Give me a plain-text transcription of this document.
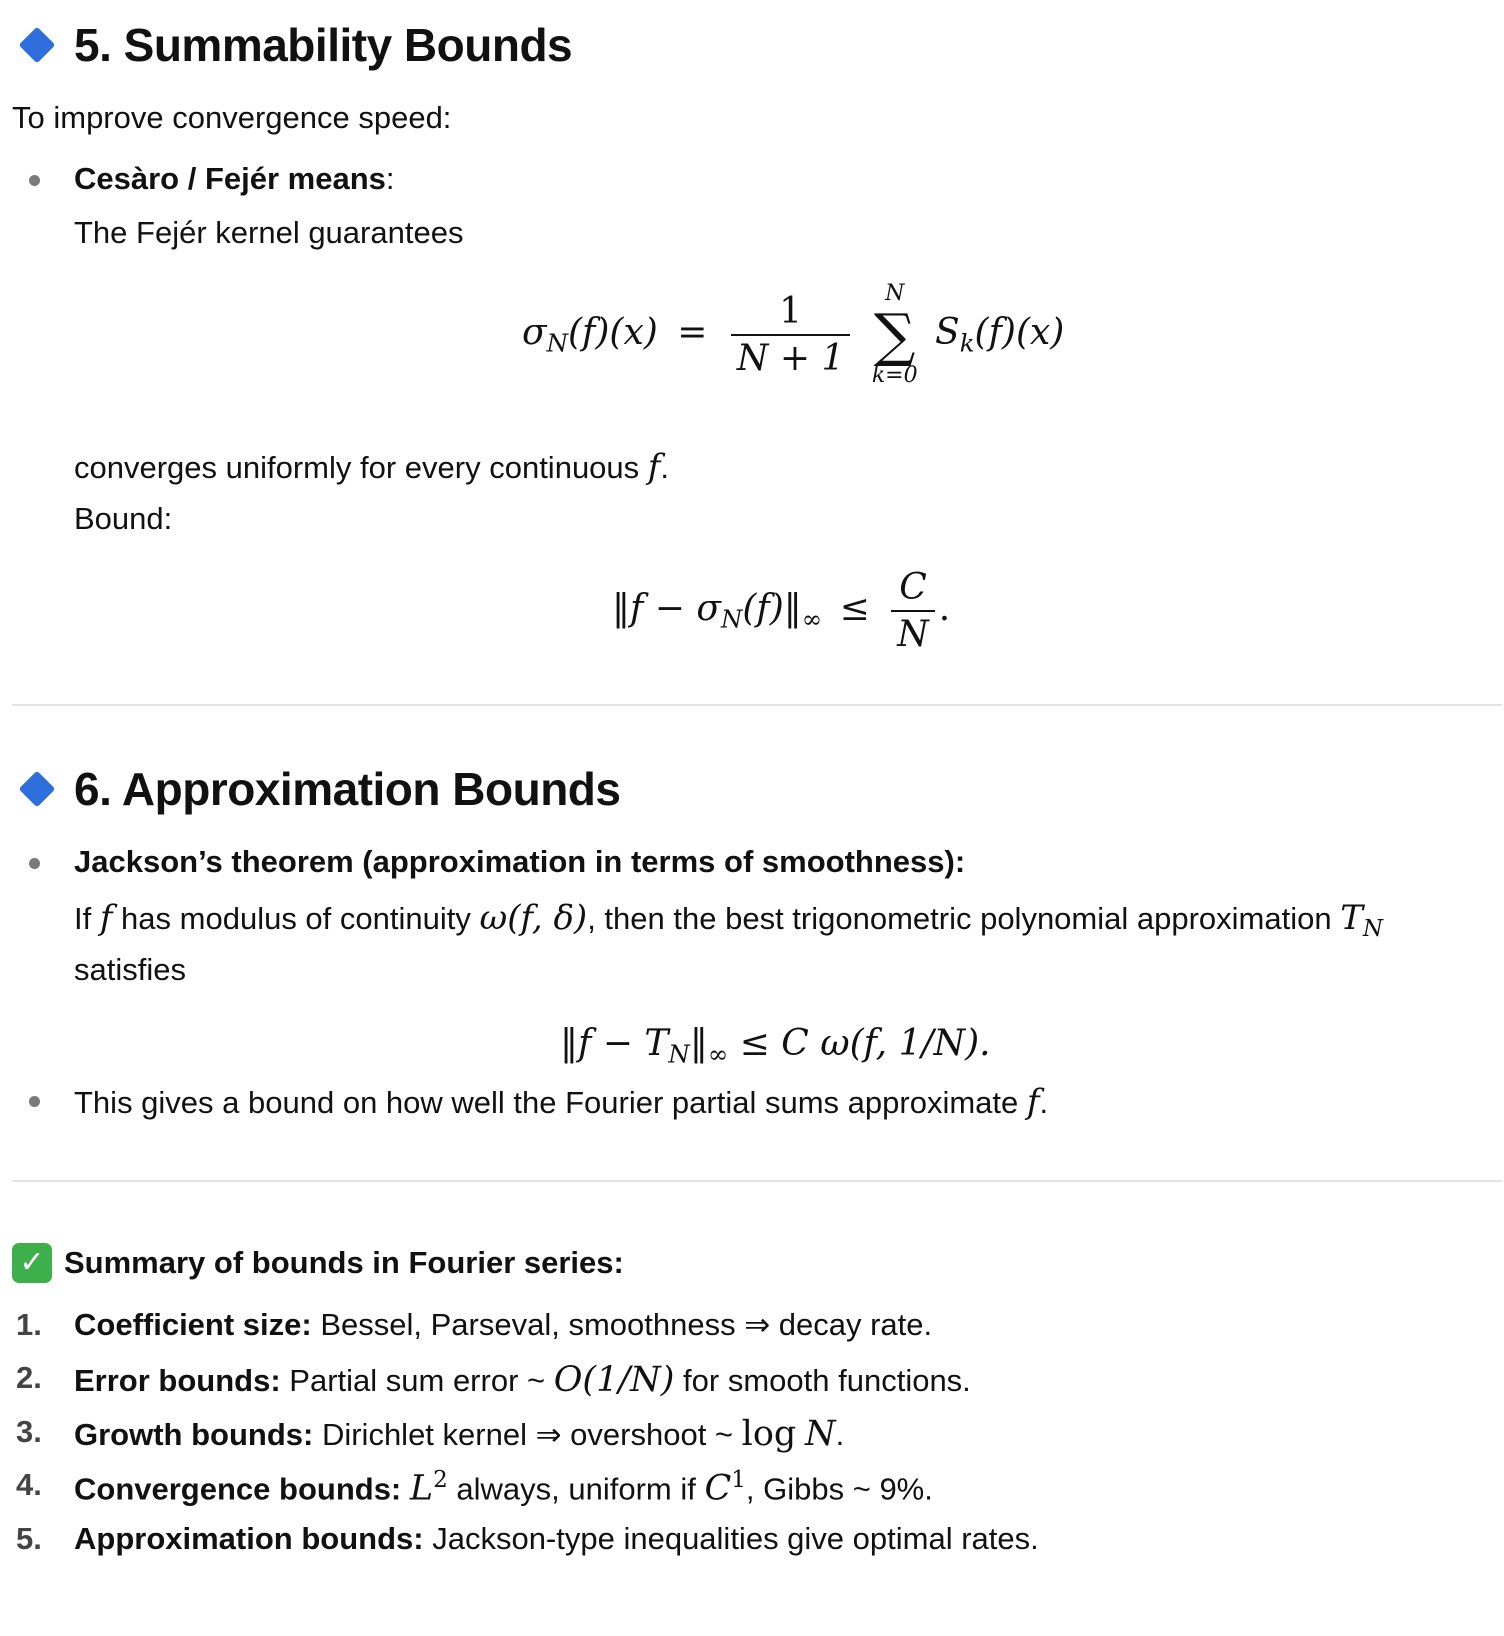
5. Summability Bounds
To improve convergence speed:
Cesàro / Fejér means:
The Fejér kernel guarantees
$\sigma_N(f)(x) = \frac{1}{N + 1}$
	N
∑
k=0
$S_k(f)(x)$
converges uniformly for every continuous f.
Bound:
‖f − $\sigma_N(f)‖_\infty \le \frac{C}{N}$ .
6. Approximation Bounds
Jackson’s theorem (approximation in terms of smoothness):
If f has modulus of continuity ω(f, δ), then the best trigonometric polynomial approximation $T_N$
satisfies
‖f − $T_N‖_\infty \le C$ ω(f, 1/N).
This gives a bound on how well the Fourier partial sums approximate f.
✓ Summary of bounds in Fourier series:
1. Coefficient size: Bessel, Parseval, smoothness ⇒ decay rate.
2. Error bounds: Partial sum error ~ O(1/N) for smooth functions.
3. Growth bounds: Dirichlet kernel ⇒ overshoot ~ log N.
4. Convergence bounds: $L^2$ always, uniform if $C^1$, Gibbs ~ 9%.
5. Approximation bounds: Jackson-type inequalities give optimal rates.
